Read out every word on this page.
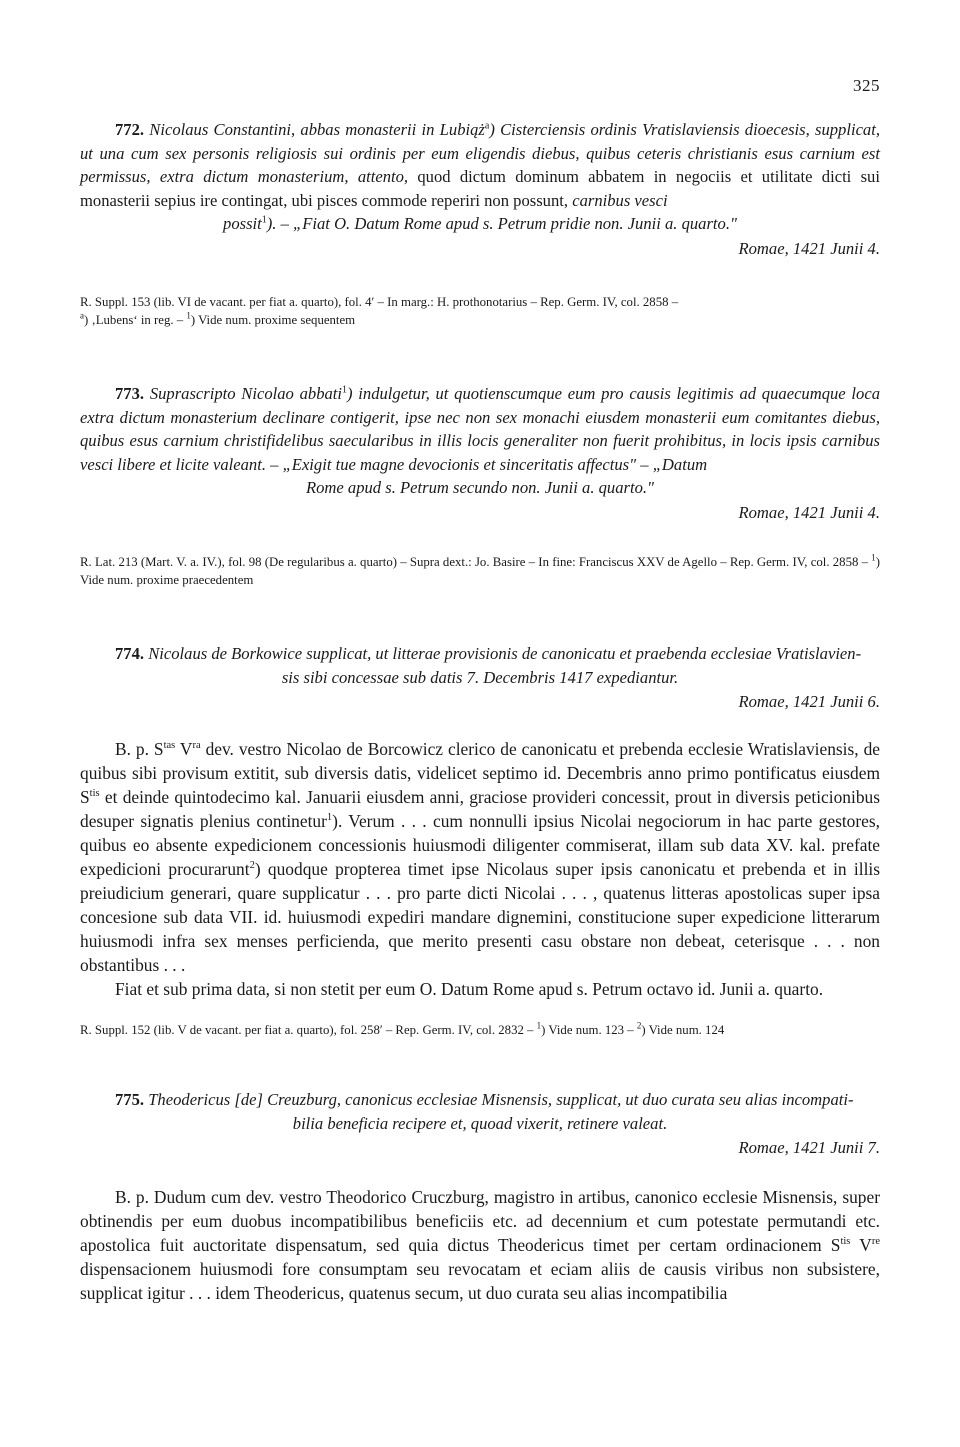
325

772. Nicolaus Constantini, abbas monasterii in Lubiąż$^a$) Cisterciensis ordinis Vratislaviensis dioecesis, supplicat, ut una cum sex personis religiosis sui ordinis per eum eligendis diebus, quibus ceteris christianis esus carnium est permissus, extra dictum monasterium, attento, quod dictum dominum abbatem in negociis et utilitate dicti sui monasterii sepius ire contingat, ubi pisces commode reperiri non possunt, carnibus vesci
possit$^1$). – „Fiat O. Datum Rome apud s. Petrum pridie non. Junii a. quarto."

Romae, 1421 Junii 4.

R. Suppl. 153 (lib. VI de vacant. per fiat a. quarto), fol. 4′ – In marg.: H. prothonotarius – Rep. Germ. IV, col. 2858 –
$^a$) ‚Lubens‘ in reg. – $^1$) Vide num. proxime sequentem

773. Suprascripto Nicolao abbati$^1$) indulgetur, ut quotienscumque eum pro causis legitimis ad quaecumque loca extra dictum monasterium declinare contigerit, ipse nec non sex monachi eiusdem monasterii eum comitantes diebus, quibus esus carnium christifidelibus saecularibus in illis locis generaliter non fuerit prohibitus, in locis ipsis carnibus vesci libere et licite valeant. – „Exigit tue magne devocionis et sinceritatis affectus" – „Datum
Rome apud s. Petrum secundo non. Junii a. quarto."

Romae, 1421 Junii 4.

R. Lat. 213 (Mart. V. a. IV.), fol. 98 (De regularibus a. quarto) – Supra dext.: Jo. Basire – In fine: Franciscus XXV de Agello – Rep. Germ. IV, col. 2858 – $^1$) Vide num. proxime praecedentem

774. Nicolaus de Borkowice supplicat, ut litterae provisionis de canonicatu et praebenda ecclesiae Vratislavien-
sis sibi concessae sub datis 7. Decembris 1417 expediantur.

Romae, 1421 Junii 6.

B. p. $S^{tas}$ $V^{ra}$ dev. vestro Nicolao de Borcowicz clerico de canonicatu et prebenda ecclesie Wratislaviensis, de quibus sibi provisum extitit, sub diversis datis, videlicet septimo id. Decembris anno primo pontificatus eiusdem $S^{tis}$ et deinde quintodecimo kal. Januarii eiusdem anni, graciose provideri concessit, prout in diversis peticionibus desuper signatis plenius continetur$^1$). Verum . . . cum nonnulli ipsius Nicolai negociorum in hac parte gestores, quibus eo absente expedicionem concessionis huiusmodi diligenter commiserat, illam sub data XV. kal. prefate expedicioni procurarunt$^2$) quodque propterea timet ipse Nicolaus super ipsis canonicatu et prebenda et in illis preiudicium generari, quare supplicatur . . . pro parte dicti Nicolai . . . , quatenus litteras apostolicas super ipsa concesione sub data VII. id. huiusmodi expediri mandare dignemini, constitucione super expedicione litterarum huiusmodi infra sex menses perficienda, que merito presenti casu obstare non debeat, ceterisque . . . non obstantibus . . .

Fiat et sub prima data, si non stetit per eum O. Datum Rome apud s. Petrum octavo id. Junii a. quarto.

R. Suppl. 152 (lib. V de vacant. per fiat a. quarto), fol. 258′ – Rep. Germ. IV, col. 2832 – $^1$) Vide num. 123 – $^2$) Vide num. 124

775. Theodericus [de] Creuzburg, canonicus ecclesiae Misnensis, supplicat, ut duo curata seu alias incompati-
bilia beneficia recipere et, quoad vixerit, retinere valeat.

Romae, 1421 Junii 7.

B. p. Dudum cum dev. vestro Theodorico Cruczburg, magistro in artibus, canonico ecclesie Misnensis, super obtinendis per eum duobus incompatibilibus beneficiis etc. ad decennium et cum potestate permutandi etc. apostolica fuit auctoritate dispensatum, sed quia dictus Theodericus timet per certam ordinacionem $S^{tis}$ Vre dispensacionem huiusmodi fore consumptam seu revocatam et eciam aliis de causis viribus non subsistere, supplicat igitur . . . idem Theodericus, quatenus secum, ut duo curata seu alias incompatibilia
